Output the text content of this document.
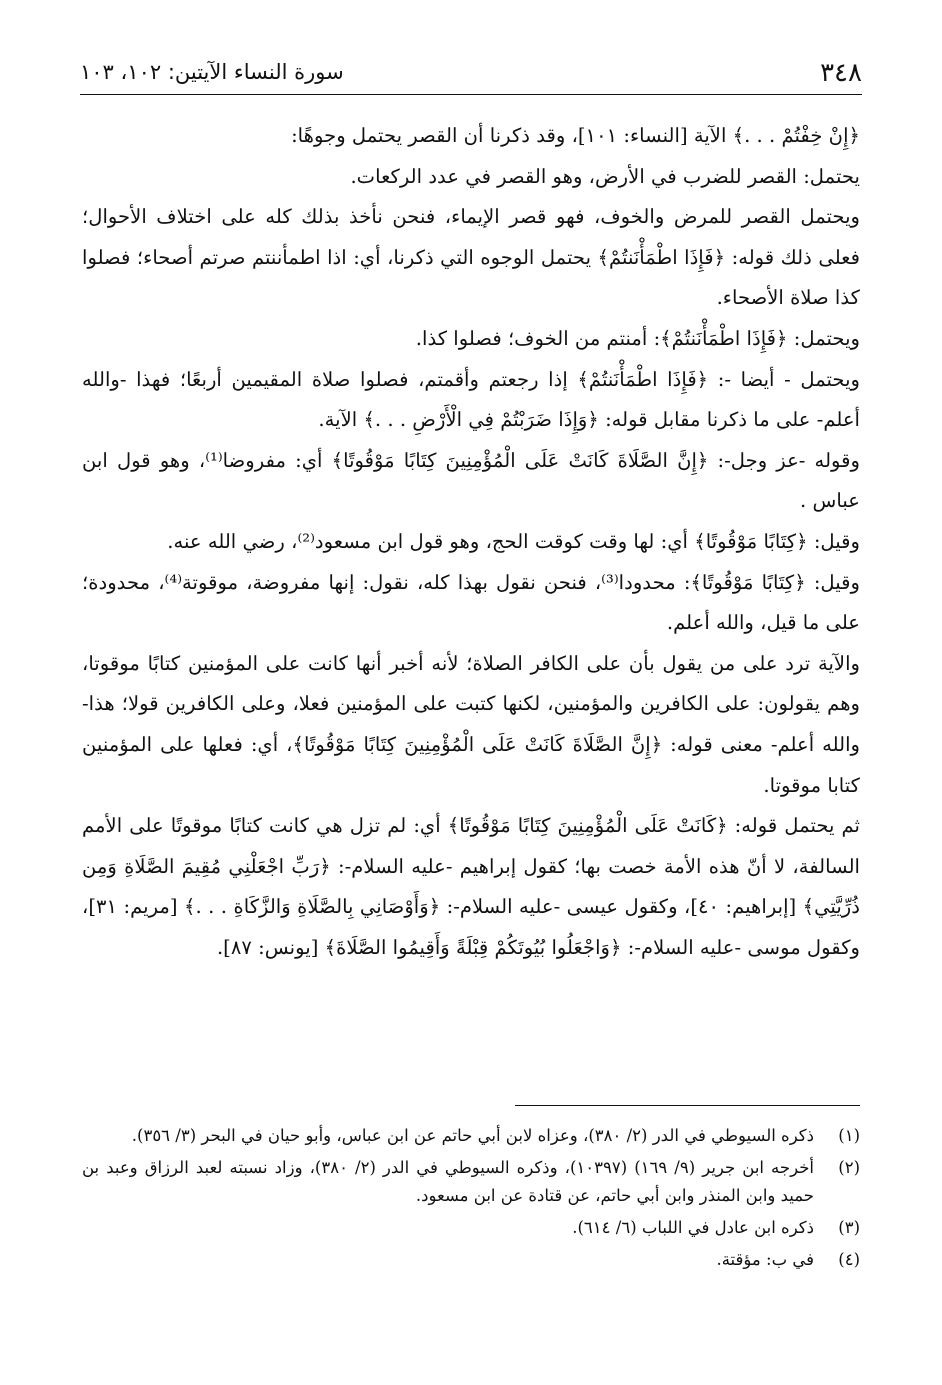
٣٤٨
سورة النساء الآيتين: ١٠٢، ١٠٣

﴿إِنْ خِفْتُمْ . . .﴾ الآية [النساء: ١٠١]، وقد ذكرنا أن القصر يحتمل وجوهًا:

يحتمل: القصر للضرب في الأرض، وهو القصر في عدد الركعات.

ويحتمل القصر للمرض والخوف، فهو قصر الإيماء، فنحن نأخذ بذلك كله على اختلاف الأحوال؛ فعلى ذلك قوله: ﴿فَإِذَا اطْمَأْنَنتُمْ﴾ يحتمل الوجوه التي ذكرنا، أي: اذا اطمأننتم صرتم أصحاء؛ فصلوا كذا صلاة الأصحاء.

ويحتمل: ﴿فَإِذَا اطْمَأْنَنتُمْ﴾: أمنتم من الخوف؛ فصلوا كذا.

ويحتمل - أيضا -: ﴿فَإِذَا اطْمَأْنَنتُمْ﴾ إذا رجعتم وأقمتم، فصلوا صلاة المقيمين أربعًا؛ فهذا -والله أعلم- على ما ذكرنا مقابل قوله: ﴿وَإِذَا ضَرَبْتُمْ فِي الْأَرْضِ . . .﴾ الآية.

وقوله -عز وجل-: ﴿إِنَّ الصَّلَاةَ كَانَتْ عَلَى الْمُؤْمِنِينَ كِتَابًا مَوْقُوتًا﴾ أي: مفروضا⁽¹⁾، وهو قول ابن عباس .

وقيل: ﴿كِتَابًا مَوْقُوتًا﴾ أي: لها وقت كوقت الحج، وهو قول ابن مسعود⁽²⁾، رضي الله عنه.

وقيل: ﴿كِتَابًا مَوْقُوتًا﴾: محدودا⁽³⁾، فنحن نقول بهذا كله، نقول: إنها مفروضة، موقوتة⁽⁴⁾، محدودة؛ على ما قيل، والله أعلم.

والآية ترد على من يقول بأن على الكافر الصلاة؛ لأنه أخبر أنها كانت على المؤمنين كتابًا موقوتا، وهم يقولون: على الكافرين والمؤمنين، لكنها كتبت على المؤمنين فعلا، وعلى الكافرين قولا؛ هذا- والله أعلم- معنى قوله: ﴿إِنَّ الصَّلَاةَ كَانَتْ عَلَى الْمُؤْمِنِينَ كِتَابًا مَوْقُوتًا﴾، أي: فعلها على المؤمنين كتابا موقوتا.

ثم يحتمل قوله: ﴿كَانَتْ عَلَى الْمُؤْمِنِينَ كِتَابًا مَوْقُوتًا﴾ أي: لم تزل هي كانت كتابًا موقوتًا على الأمم السالفة، لا أنّ هذه الأمة خصت بها؛ كقول إبراهيم -عليه السلام-: ﴿رَبِّ اجْعَلْنِي مُقِيمَ الصَّلَاةِ وَمِن ذُرِّيَّتِي﴾ [إبراهيم: ٤٠]، وكقول عيسى -عليه السلام-: ﴿وَأَوْصَانِي بِالصَّلَاةِ وَالزَّكَاةِ . . .﴾ [مريم: ٣١]، وكقول موسى -عليه السلام-: ﴿وَاجْعَلُوا بُيُوتَكُمْ قِبْلَةً وَأَقِيمُوا الصَّلَاةَ﴾ [يونس: ٨٧].

(١)
ذكره السيوطي في الدر (٢/ ٣٨٠)، وعزاه لابن أبي حاتم عن ابن عباس، وأبو حيان في البحر (٣/ ٣٥٦).
(٢)
أخرجه ابن جرير (٩/ ١٦٩) (١٠٣٩٧)، وذكره السيوطي في الدر (٢/ ٣٨٠)، وزاد نسبته لعبد الرزاق وعبد بن حميد وابن المنذر وابن أبي حاتم، عن قتادة عن ابن مسعود.
(٣)
ذكره ابن عادل في اللباب (٦/ ٦١٤).
(٤)
في ب: مؤقتة.
